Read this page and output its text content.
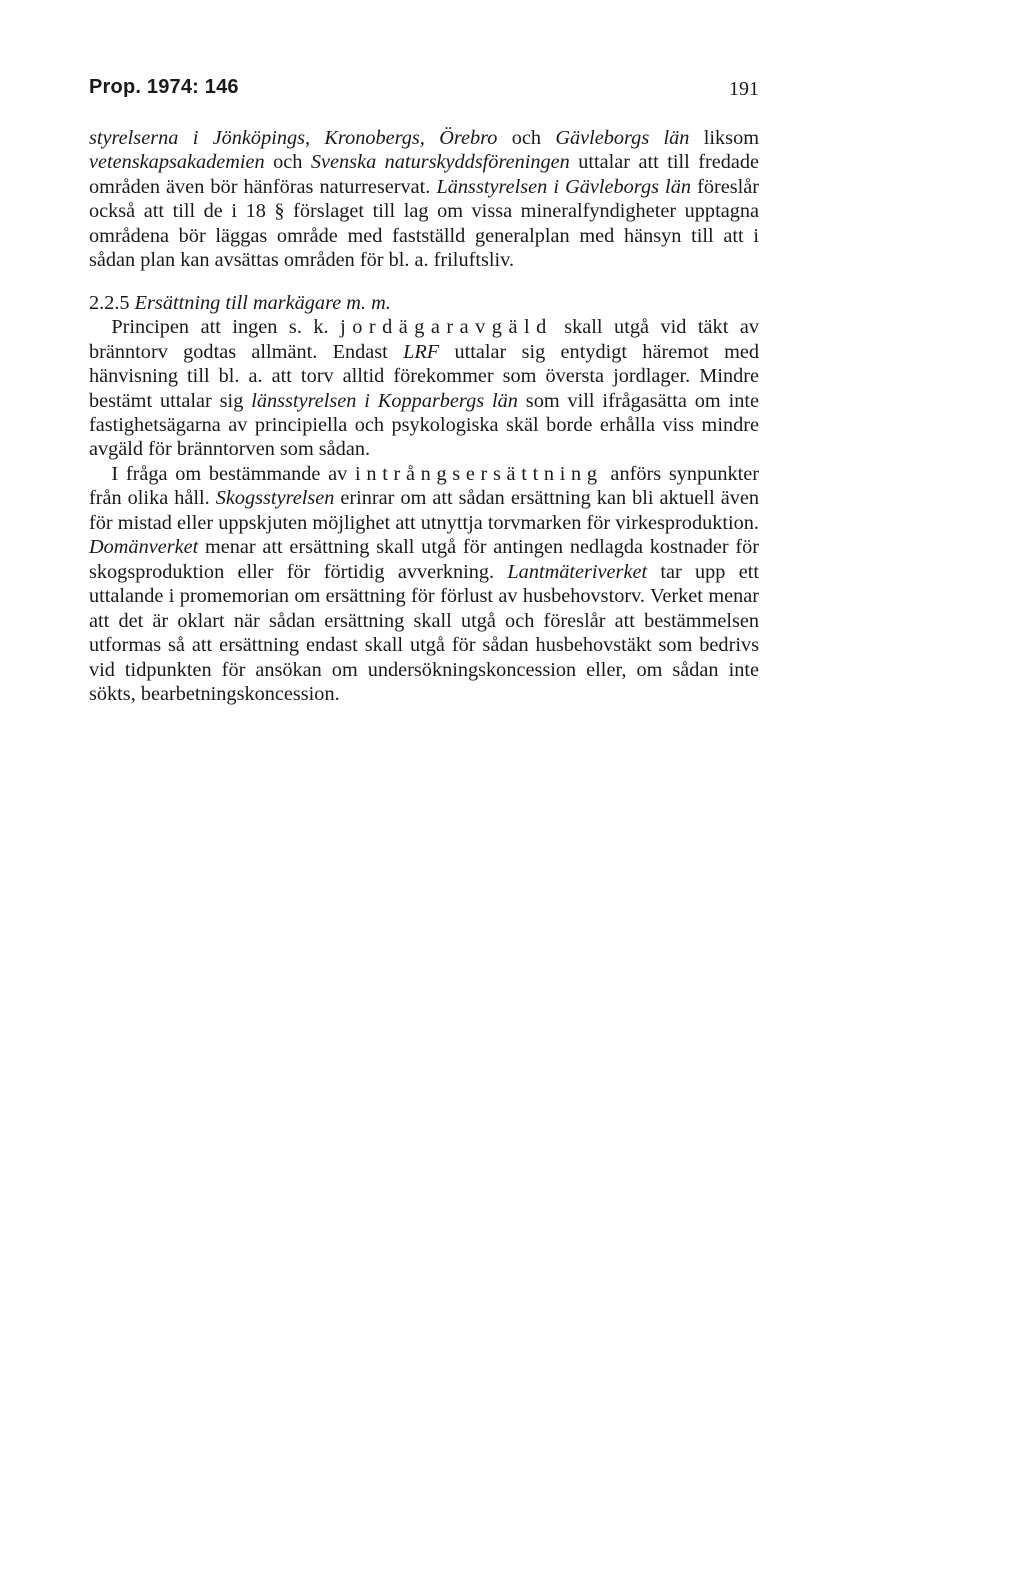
Prop. 1974: 146	191

styrelserna i Jönköpings, Kronobergs, Örebro och Gävleborgs län liksom vetenskapsakademien och Svenska naturskyddsföreningen uttalar att till fredade områden även bör hänföras naturreservat. Länsstyrelsen i Gävleborgs län föreslår också att till de i 18 § förslaget till lag om vissa mineralfyndigheter upptagna områdena bör läggas område med fastställd generalplan med hänsyn till att i sådan plan kan avsättas områden för bl. a. friluftsliv.

2.2.5 Ersättning till markägare m. m.

Principen att ingen s. k. jordägaravgäld skall utgå vid täkt av bränntorv godtas allmänt. Endast LRF uttalar sig entydigt häremot med hänvisning till bl. a. att torv alltid förekommer som översta jordlager. Mindre bestämt uttalar sig länsstyrelsen i Kopparbergs län som vill ifrågasätta om inte fastighetsägarna av principiella och psykologiska skäl borde erhålla viss mindre avgäld för bränntorven som sådan.

I fråga om bestämmande av intrångsersättning anförs synpunkter från olika håll. Skogsstyrelsen erinrar om att sådan ersättning kan bli aktuell även för mistad eller uppskjuten möjlighet att utnyttja torvmarken för virkesproduktion. Domänverket menar att ersättning skall utgå för antingen nedlagda kostnader för skogsproduktion eller för förtidig avverkning. Lantmäteriverket tar upp ett uttalande i promemorian om ersättning för förlust av husbehovstorv. Verket menar att det är oklart när sådan ersättning skall utgå och föreslår att bestämmelsen utformas så att ersättning endast skall utgå för sådan husbehovstäkt som bedrivs vid tidpunkten för ansökan om undersökningskoncession eller, om sådan inte sökts, bearbetningskoncession.
